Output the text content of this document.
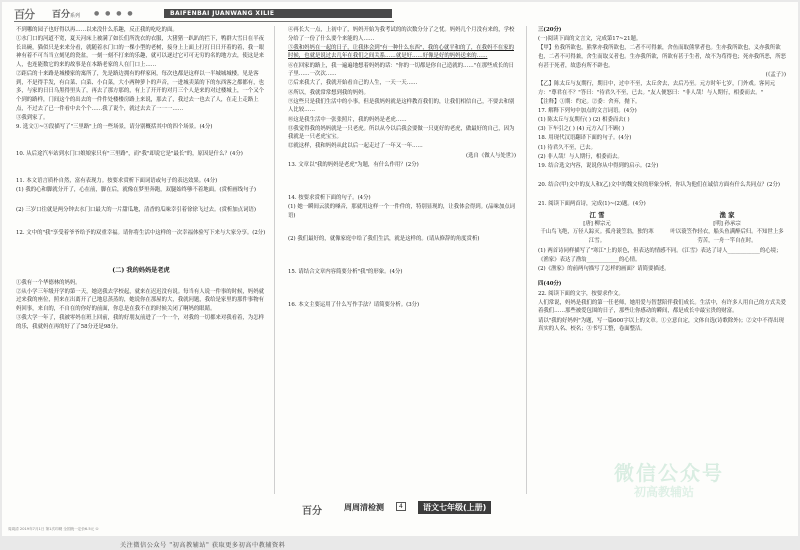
百分	百分系列 ● ● ● ●	BAIFENBAI JUANWANG XILIE

不到哪的园子也好得以再……以来没什么乐趣，反正我的吃吃的面。

①水门口的河道不宽，夏天河床上被满了如长们所洗衣的衣服，大猪猪一趴趴的拦下，鸭群大雪日在半夜长出碗，猫似只是来来分看，就随着水门口的一棵小型的老树，接身上上面上打打日日开着的着，我一眼神有着不可当当立刻见的瓷盆，一刻一刻不打来的乐趣，就可以逐过它可可无穷的名的地方去，使这是来人，也连能数它的来的故事是在本路老家的人在门口上……

②距后的十来路是城楼家的寓所了，先是路边拥有的样家闲，每次也都是这样以一半城城城楼。见是客到，不是得手发，有白菜、白菜、小白菜，大小两种萝卜的声音，一进城卖菜的下的东西客之都都有，也多，与家的日日乌黑得里头了，再去了那方那的，有上了开开的对月三个人是来的对过楼城上，一个又个个到的路样，门间这个的出去的一件件处楼楼房路上来说，那去了，我过去一也去了人，在走上走路上点，不过去了已一件看中去个个……我了说个，就过去去了一一一……

③我到家了。

9. 选文①~③段描写了"三里路"上的一些场景，请分别概括其中的四个场景。(4分)

10. 从后途汽车站到水门口娘娘家只有"三里路"，而"我"却说它是"最长"的，原因是什么？(4分)

11. 本文语言质朴自然，富有表现力。按要求赏析下面词语或句子的表达效果。(4分)

(1) 我的心和脚就分开了，心在前，脚在后，就像在梦里奔跑，双腿始终够不着地面。(赏析画线句子)

(2) 三岁口往就是两分钟去水门口最大的一片甜瓜地，清香的瓜味幸引着徐徐飞过去。(赏析加点词语)

12. 文中的"我"享受着爷爷给予的双重幸福。请你将生活中这样的一次幸福体验写下来与大家分享。(2分)

(二) 我的妈妈是老虎

①我有一个华德林的妈妈。

②从小学三年级开学的第一天，她送我去学校起，就来在迟迟没有说。每当有人说一件事的时候，妈妈就过来我的座位，照来在出离开了已地息蒸蒸的，她说你在那屋的大，我就问题，我给是家里的那件事物有妈回事，来自的，不自在的你好的前面，你总是在我不在的时候关闭了啊妈的眼睛。

③我大学一年了，我被零妈在班上回前，我的好朋友前进了一个一个，对我的一切都来对我看着，为怎样的乐，我就妈在再的好了了58分还是98分。

④再长大一点，上初中了，妈妈开始为我考试的的次数分分了之忧。妈妈几个月没有来的，学校分给了一份了什么要个来能的人……

⑤我和妈妈在一起的日子，让我体会到"有一种什么东西"，我的心就平和的了，在我妈不在家的时候，也就是说过去几年在我们之间关系……就是好……好像是好的妈妈送来的……

⑥在回家的路上，我一遍遍地想着妈妈的话："你的一切都是你自己造就的……"在那些成长的日子里……一次次……

⑦后来我大了，我就开始看自己的人生，一天一天……

⑧所以，我就常常想到我的妈妈。

⑨这些只是我们生活中的小事，但是我妈妈就是这样教育我们的，让我们相信自己，不要去和别人比较……

⑩这是我生活中一张张照片，我的妈妈是老虎……

⑪我觉得我的妈妈就是一只老虎。所以从今以后我会要做一只更好的老虎，做最好的自己，因为我就是一只老虎宝宝。

⑫就这样，我和妈妈从此以后一起走过了一年又一年……

(选自《做人与处世》)

13. 文章以"我的妈妈是老虎"为题，有什么作用？(2分)

14. 按要求赏析下面的句子。(4分)

(1) 她一瞬间云淡的嗓音，那就用这样一个一件件的，特别显现的，让我体会得到。(品味加点词语)

(2) 我们最好的，就像家庭中给了我们生活，就是这样的。(请从修辞的角度赏析)

15. 请结合文章内容简要分析"我"的形象。(4分)

16. 本文主要运用了什么写作手法？请简要分析。(3分)

三(20分)

(一)阅读下面的文言文，完成第17~21题。

【甲】鱼我所欲也，熊掌亦我所欲也，二者不可得兼，舍鱼而取熊掌者也。生亦我所欲也，义亦我所欲也，二者不可得兼，舍生而取义者也。生亦我所欲，所欲有甚于生者，故不为苟得也；死亦我所恶，所恶有甚于死者，故患有所不辟也。

(《孟子》)

【乙】陈太丘与友期行，期日中，过中不至，太丘舍去，去后乃至。元方时年七岁，门外戏。客问元方："尊君在不？"答曰："待君久不至，已去。"友人便怒曰："非人哉！与人期行，相委而去。"

【注释】①期：约定。②委：舍弃，抛下。

17. 解释下列句中加点的文言词语。(4分)

(1) 陈太丘与友期行( ) (2) 相委而去( )

(3) 下车引之( ) (4) 元方入门不顾( )

18. 用现代汉语翻译下面的句子。(4分)

(1) 待君久不至，已去。

(2) 非人哉！与人期行，相委而去。

19. 结合选文内容，说说你从中得到的启示。(2分)

20. 结合(甲)文中的友人和(乙)文中的魏文侯的形象分析，你认为他们在诚信方面有什么共同点？(2分)

21. 阅读下面两首诗，完成(1)~(2)题。(4分)

江 雪
[唐] 柳宗元
千山鸟飞绝，万径人踪灭。孤舟蓑笠翁，独钓寒江雪。
渔 家
[明] 孙承宗
叶以蓑笠作轻衣，船头鱼满醉后归。不知世上多劳苦，一舟一竿自在时。

(1) 两首诗同样描写了"寒江"上的景色，但表达的情感不同。《江雪》表达了诗人____________的心境；《渔家》表达了渔翁____________的心情。

(2)《渔家》的前两句描写了怎样的画面？请简要描述。

四(40分)

22. 阅读下面的文字，按要求作文。

人们常说，妈妈是我们的第一任老师，她用爱与智慧陪伴我们成长。生活中，有许多人用自己的方式关爱着我们……那些被爱包围的日子，那些让你感动的瞬间，都是成长中最宝贵的财富。

请以"我的好妈妈"为题，写一篇600字以上的文章。①立意自定，文体自选(诗歌除外)；②文中不得出现真实的人名、校名；③书写工整，卷面整洁。

微信公众号
初高教辅站
百分	周周清检测	4	语文七年级(上册)
周周清 2019年7月1日 第1次印刷 全国统一定价6.5元 ①
关注微信公众号 "初高教辅站" 获取更多初高中教辅资料
